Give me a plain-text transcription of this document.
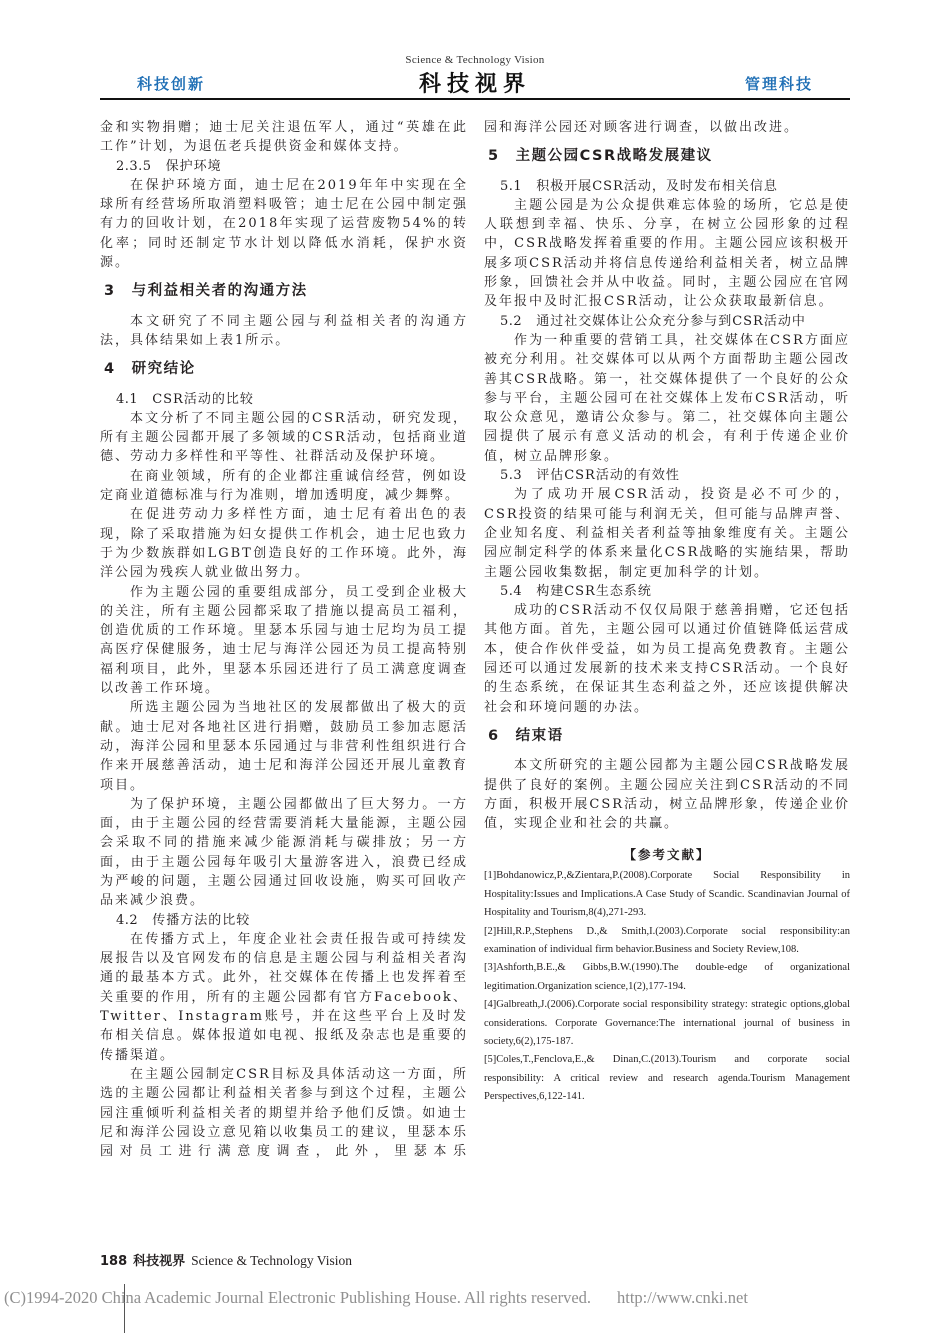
Science & Technology Vision
科技创新	科技视界	管理科技

金和实物捐赠；迪士尼关注退伍军人，通过“英雄在此工作”计划，为退伍老兵提供资金和媒体支持。

2.3.5 保护环境

在保护环境方面，迪士尼在2019年年中实现在全球所有经营场所取消塑料吸管；迪士尼在公园中制定强有力的回收计划，在2018年实现了运营废物54%的转化率；同时还制定节水计划以降低水消耗，保护水资源。

3 与利益相关者的沟通方法

本文研究了不同主题公园与利益相关者的沟通方法，具体结果如上表1所示。

4 研究结论

4.1 CSR活动的比较

本文分析了不同主题公园的CSR活动，研究发现，所有主题公园都开展了多领域的CSR活动，包括商业道德、劳动力多样性和平等性、社群活动及保护环境。

在商业领域，所有的企业都注重诚信经营，例如设定商业道德标准与行为准则，增加透明度，减少舞弊。

在促进劳动力多样性方面，迪士尼有着出色的表现，除了采取措施为妇女提供工作机会，迪士尼也致力于为少数族群如LGBT创造良好的工作环境。此外，海洋公园为残疾人就业做出努力。

作为主题公园的重要组成部分，员工受到企业极大的关注，所有主题公园都采取了措施以提高员工福利，创造优质的工作环境。里瑟本乐园与迪士尼均为员工提高医疗保健服务，迪士尼与海洋公园还为员工提高特别福利项目，此外，里瑟本乐园还进行了员工满意度调查以改善工作环境。

所选主题公园为当地社区的发展都做出了极大的贡献。迪士尼对各地社区进行捐赠，鼓励员工参加志愿活动，海洋公园和里瑟本乐园通过与非营利性组织进行合作来开展慈善活动，迪士尼和海洋公园还开展儿童教育项目。

为了保护环境，主题公园都做出了巨大努力。一方面，由于主题公园的经营需要消耗大量能源，主题公园会采取不同的措施来减少能源消耗与碳排放；另一方面，由于主题公园每年吸引大量游客进入，浪费已经成为严峻的问题，主题公园通过回收设施，购买可回收产品来减少浪费。

4.2 传播方法的比较

在传播方式上，年度企业社会责任报告或可持续发展报告以及官网发布的信息是主题公园与利益相关者沟通的最基本方式。此外，社交媒体在传播上也发挥着至关重要的作用，所有的主题公园都有官方Facebook、Twitter、Instagram账号，并在这些平台上及时发布相关信息。媒体报道如电视、报纸及杂志也是重要的传播渠道。

在主题公园制定CSR目标及具体活动这一方面，所选的主题公园都让利益相关者参与到这个过程，主题公园注重倾听利益相关者的期望并给予他们反馈。如迪士尼和海洋公园设立意见箱以收集员工的建议，里瑟本乐园对员工进行满意度调查，此外，里瑟本乐

园和海洋公园还对顾客进行调查，以做出改进。

5 主题公园CSR战略发展建议

5.1 积极开展CSR活动，及时发布相关信息

主题公园是为公众提供难忘体验的场所，它总是使人联想到幸福、快乐、分享，在树立公园形象的过程中，CSR战略发挥着重要的作用。主题公园应该积极开展多项CSR活动并将信息传递给利益相关者，树立品牌形象，回馈社会并从中收益。同时，主题公园应在官网及年报中及时汇报CSR活动，让公众获取最新信息。

5.2 通过社交媒体让公众充分参与到CSR活动中

作为一种重要的营销工具，社交媒体在CSR方面应被充分利用。社交媒体可以从两个方面帮助主题公园改善其CSR战略。第一，社交媒体提供了一个良好的公众参与平台，主题公园可在社交媒体上发布CSR活动，听取公众意见，邀请公众参与。第二，社交媒体向主题公园提供了展示有意义活动的机会，有利于传递企业价值，树立品牌形象。

5.3 评估CSR活动的有效性

为了成功开展CSR活动，投资是必不可少的，CSR投资的结果可能与利润无关，但可能与品牌声誉、企业知名度、利益相关者利益等抽象维度有关。主题公园应制定科学的体系来量化CSR战略的实施结果，帮助主题公园收集数据，制定更加科学的计划。

5.4 构建CSR生态系统

成功的CSR活动不仅仅局限于慈善捐赠，它还包括其他方面。首先，主题公园可以通过价值链降低运营成本，使合作伙伴受益，如为员工提高免费教育。主题公园还可以通过发展新的技术来支持CSR活动。一个良好的生态系统，在保证其生态利益之外，还应该提供解决社会和环境问题的办法。

6 结束语

本文所研究的主题公园都为主题公园CSR战略发展提供了良好的案例。主题公园应关注到CSR活动的不同方面，积极开展CSR活动，树立品牌形象，传递企业价值，实现企业和社会的共赢。

【参考文献】

[1]Bohdanowicz,P.,&Zientara,P.(2008).Corporate Social Responsibility in Hospitality:Issues and Implications.A Case Study of Scandic. Scandinavian Journal of Hospitality and Tourism,8(4),271-293.

[2]Hill,R.P.,Stephens D.,& Smith,I.(2003).Corporate social responsibility:an examination of individual firm behavior.Business and Society Review,108.

[3]Ashforth,B.E.,& Gibbs,B.W.(1990).The double-edge of organizational legitimation.Organization science,1(2),177-194.

[4]Galbreath,J.(2006).Corporate social responsibility strategy: strategic options,global considerations. Corporate Governance:The international journal of business in society,6(2),175-187.

[5]Coles,T.,Fenclova,E.,& Dinan,C.(2013).Tourism and corporate social responsibility: A critical review and research agenda.Tourism Management Perspectives,6,122-141.

188 科技视界 Science & Technology Vision
(C)1994-2020 China Academic Journal Electronic Publishing House. All rights reserved. http://www.cnki.net
